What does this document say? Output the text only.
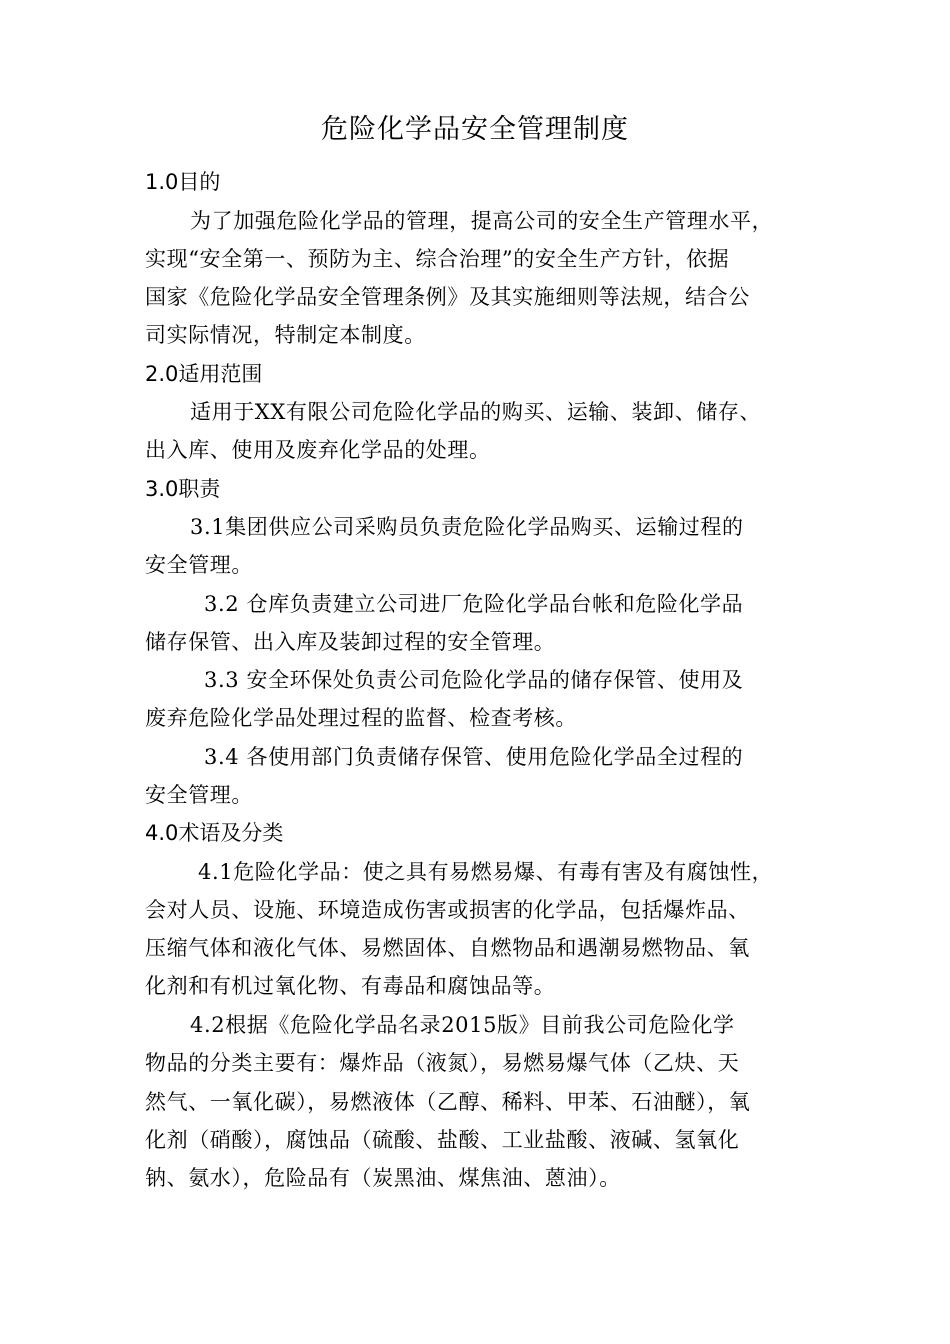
危险化学品安全管理制度
1.0目的

为了加强危险化学品的管理，提高公司的安全生产管理水平，

实现“安全第一、预防为主、综合治理”的安全生产方针，依据

国家《危险化学品安全管理条例》及其实施细则等法规，结合公

司实际情况，特制定本制度。

2.0适用范围

适用于XX有限公司危险化学品的购买、运输、装卸、储存、

出入库、使用及废弃化学品的处理。

3.0职责

3.1集团供应公司采购员负责危险化学品购买、运输过程的

安全管理。

3.2 仓库负责建立公司进厂危险化学品台帐和危险化学品

储存保管、出入库及装卸过程的安全管理。

3.3 安全环保处负责公司危险化学品的储存保管、使用及

废弃危险化学品处理过程的监督、检查考核。

3.4 各使用部门负责储存保管、使用危险化学品全过程的

安全管理。

4.0术语及分类

4.1危险化学品：使之具有易燃易爆、有毒有害及有腐蚀性，

会对人员、设施、环境造成伤害或损害的化学品，包括爆炸品、

压缩气体和液化气体、易燃固体、自燃物品和遇潮易燃物品、氧

化剂和有机过氧化物、有毒品和腐蚀品等。

4.2根据《危险化学品名录2015版》目前我公司危险化学

物品的分类主要有：爆炸品（液氮），易燃易爆气体（乙炔、天

然气、一氧化碳），易燃液体（乙醇、稀料、甲苯、石油醚），氧

化剂（硝酸），腐蚀品（硫酸、盐酸、工业盐酸、液碱、氢氧化

钠、氨水），危险品有（炭黑油、煤焦油、蒽油）。
